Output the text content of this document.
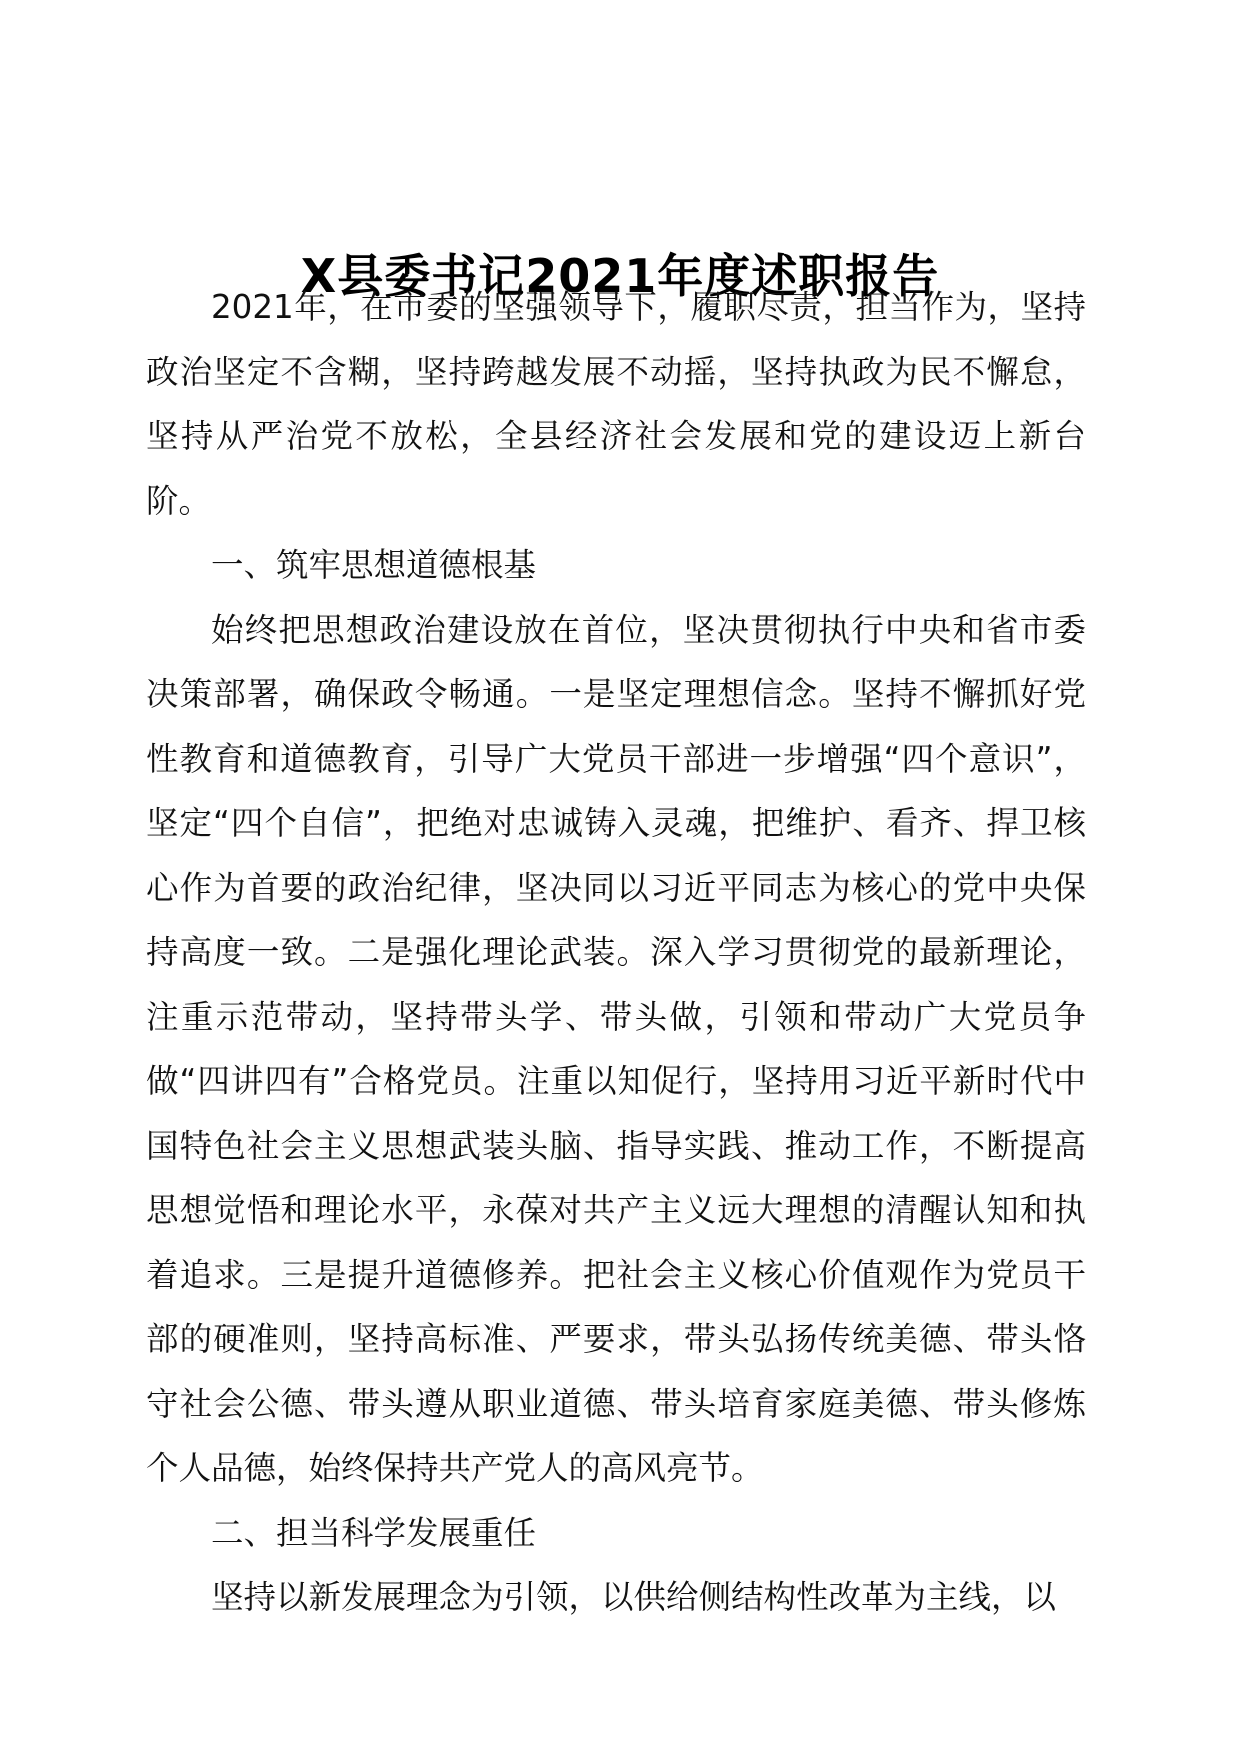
X县委书记2021年度述职报告

2021年，在市委的坚强领导下，履职尽责，担当作为，坚持政治坚定不含糊，坚持跨越发展不动摇，坚持执政为民不懈怠，坚持从严治党不放松，全县经济社会发展和党的建设迈上新台阶。

一、筑牢思想道德根基

始终把思想政治建设放在首位，坚决贯彻执行中央和省市委决策部署，确保政令畅通。一是坚定理想信念。坚持不懈抓好党性教育和道德教育，引导广大党员干部进一步增强“四个意识”，坚定“四个自信”，把绝对忠诚铸入灵魂，把维护、看齐、捍卫核心作为首要的政治纪律，坚决同以习近平同志为核心的党中央保持高度一致。二是强化理论武装。深入学习贯彻党的最新理论，注重示范带动，坚持带头学、带头做，引领和带动广大党员争做“四讲四有”合格党员。注重以知促行，坚持用习近平新时代中国特色社会主义思想武装头脑、指导实践、推动工作，不断提高思想觉悟和理论水平，永葆对共产主义远大理想的清醒认知和执着追求。三是提升道德修养。把社会主义核心价值观作为党员干部的硬准则，坚持高标准、严要求，带头弘扬传统美德、带头恪守社会公德、带头遵从职业道德、带头培育家庭美德、带头修炼个人品德，始终保持共产党人的高风亮节。

二、担当科学发展重任

坚持以新发展理念为引领，以供给侧结构性改革为主线，以
